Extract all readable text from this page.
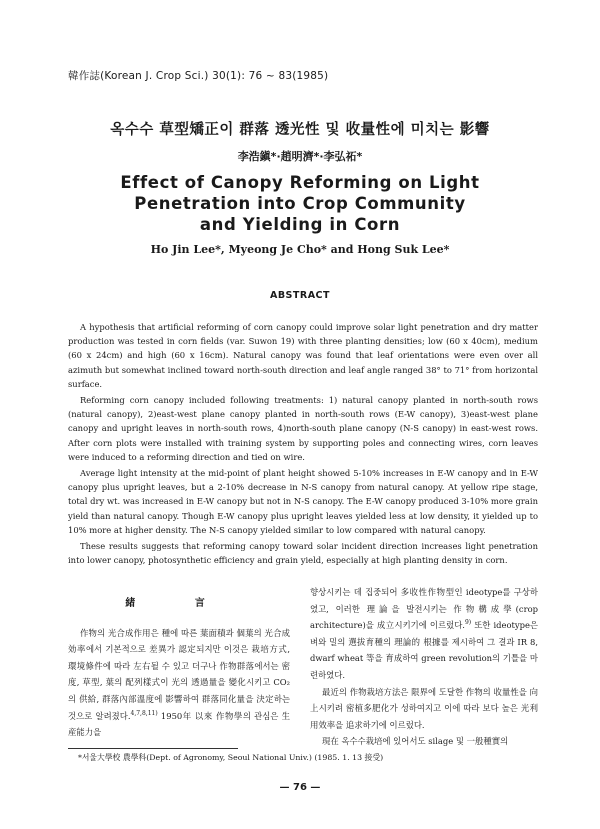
韓作誌(Korean J. Crop Sci.) 30(1): 76 ~ 83(1985)
옥수수 草型矯正이 群落 透光性 및 收量性에 미치는 影響
李浩鎭*·趙明濟*·李弘祏*
Effect of Canopy Reforming on Light
Penetration into Crop Community
and Yielding in Corn
Ho Jin Lee*, Myeong Je Cho* and Hong Suk Lee*
ABSTRACT

A hypothesis that artificial reforming of corn canopy could improve solar light penetration and dry matter production was tested in corn fields (var. Suwon 19) with three planting densities; low (60 x 40cm), medium (60 x 24cm) and high (60 x 16cm). Natural canopy was found that leaf orientations were even over all azimuth but somewhat inclined toward north-south direction and leaf angle ranged 38° to 71° from horizontal surface.

Reforming corn canopy included following treatments: 1) natural canopy planted in north-south rows (natural canopy), 2)east-west plane canopy planted in north-south rows (E-W canopy), 3)east-west plane canopy and upright leaves in north-south rows, 4)north-south plane canopy (N-S canopy) in east-west rows. After corn plots were installed with training system by supporting poles and connecting wires, corn leaves were induced to a reforming direction and tied on wire.

Average light intensity at the mid-point of plant height showed 5-10% increases in E-W canopy and in E-W canopy plus upright leaves, but a 2-10% decrease in N-S canopy from natural canopy. At yellow ripe stage, total dry wt. was increased in E-W canopy but not in N-S canopy. The E-W canopy produced 3-10% more grain yield than natural canopy. Though E-W canopy plus upright leaves yielded less at low density, it yielded up to 10% more at higher density. The N-S canopy yielded similar to low compared with natural canopy.

These results suggests that reforming canopy toward solar incident direction increases light penetration into lower canopy, photosynthetic efficiency and grain yield, especially at high planting density in corn.

緒 言

作物의 光合成作用은 種에 따른 葉面積과 個葉의 光合成効率에서 기본적으로 差異가 認定되지만 이것은 栽培方式, 環境條件에 따라 左右될 수 있고 더구나 作物群落에서는 密度, 草型, 葉의 配列樣式이 光의 透過量을 變化시키고 CO₂의 供給, 群落內部溫度에 影響하여 群落同化量을 決定하는 것으로 알려졌다.$^{4,7,8,11)}$ 1950年 以來 作物學의 관심은 生産能力을

향상시키는 데 집중되어 多收性作物型인 ideotype를 구상하였고, 이러한 理論을 발전시키는 作物構成學(crop architecture)을 成立시키기에 이르렀다.$^{9)}$ 또한 ideotype은 벼와 밀의 選拔育種의 理論的 根據를 제시하여 그 결과 IR 8, dwarf wheat 等을 育成하여 green revolution의 기틀을 마련하였다.

最近의 作物栽培方法은 限界에 도달한 作物의 收量性을 向上시키려 密植多肥化가 성하여지고 이에 따라 보다 높은 光利用效率을 追求하기에 이르렀다.

現在 옥수수栽培에 있어서도 silage 및 一般種實의

*서울大學校 農學科(Dept. of Agronomy, Seoul National Univ.) (1985. 1. 13 接受)
— 76 —
